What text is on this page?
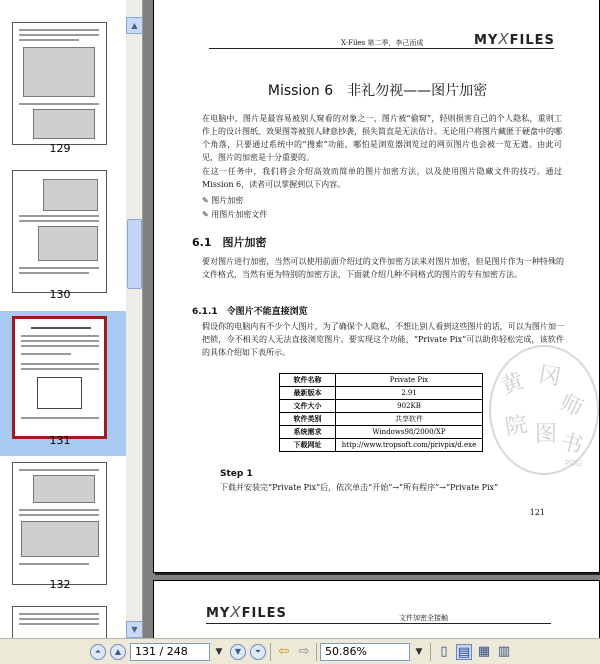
129
130
131
132
▲
▼
X-Files 第二季，李己而成	MYXFILES
Mission 6　非礼勿视——图片加密
在电脑中，图片是最容易被别人窥看的对象之一，图片被“偷窥”，轻则损害自己的个人隐私，重则工作上的设计图纸、效果图等被别人肆意抄袭，损失简直是无法估计。无论用户将图片藏匿于硬盘中的哪个角落，只要通过系统中的“搜索”功能，哪怕是浏览器浏览过的网页图片也会被一览无遗。由此可见，图片的加密是十分重要的。
在这一任务中，我们将会介绍高效而简单的图片加密方法，以及使用图片隐藏文件的技巧。通过 Mission 6，读者可以掌握到以下内容。
✎ 图片加密
✎ 用图片加密文件
6.1　图片加密
要对图片进行加密，当然可以使用前面介绍过的文件加密方法来对图片加密，但是图片作为一种特殊的文件格式，当然有更为特别的加密方法，下面就介绍几种不同格式的图片的专有加密方法。
6.1.1　令图片不能直接浏览
假设你的电脑内有不少个人图片，为了确保个人隐私，不想让别人看到这些图片的话，可以为图片加一把锁，令不相关的人无法直接浏览图片。要实现这个功能，“Private Pix”可以助你轻松完成，该软件的具体介绍如下表所示。
软件名称	Private Pix
最新版本	2.91
文件大小	902KB
软件类别	共享软件
系统需求	Windows98/2000/XP
下载网址	http://www.tropsoft.com/privpix/d.exe
黄 冈
师
院 图 书
PDG
Step 1
下载并安装完“Private Pix”后，依次单击“开始”→“所有程序”→“Private Pix”
121
MYXFILES	文件加密全接触
⏶	▲	131 / 248	▼	▼	⏷	⇦ ⇨	50.86%	▼	▯ ▤ ▦ ▥
